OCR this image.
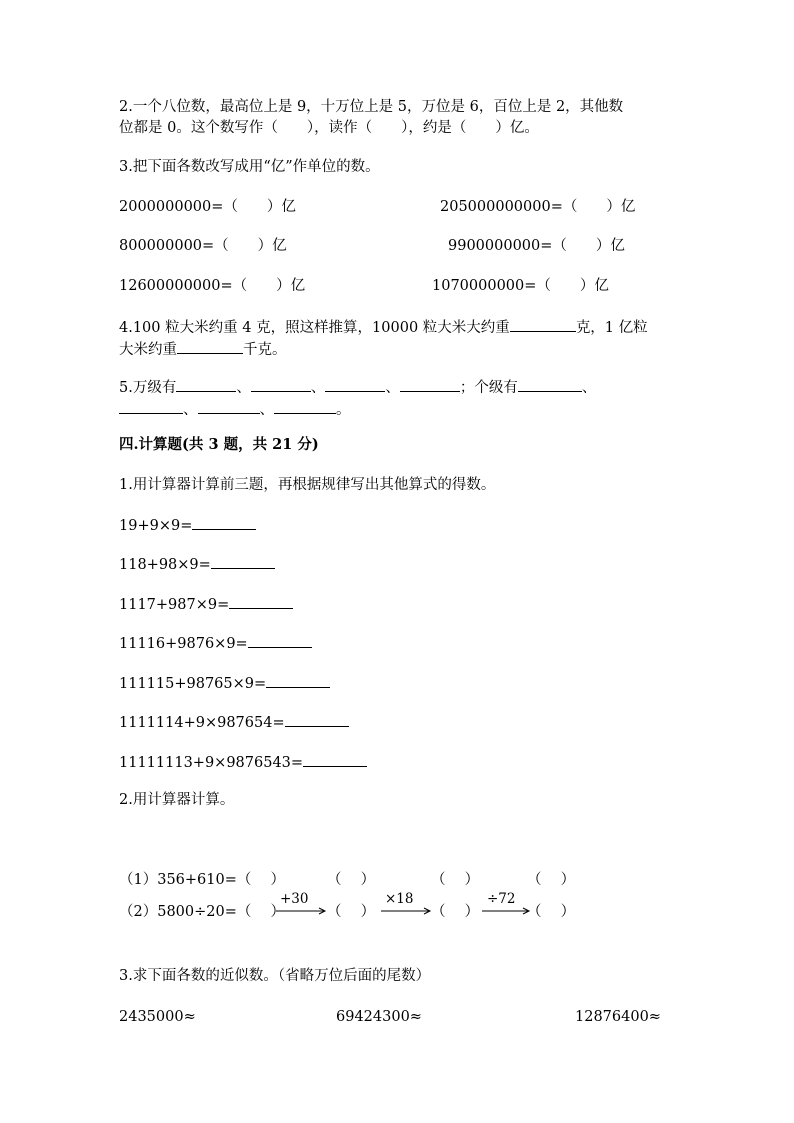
2.一个八位数，最高位上是 9，十万位上是 5，万位是 6，百位上是 2，其他数
位都是 0。这个数写作（　　），读作（　　），约是（　　）亿。
3.把下面各数改写成用“亿”作单位的数。
2000000000=（　　）亿	205000000000=（　　）亿
800000000=（　　）亿	9900000000=（　　）亿
12600000000=（　　）亿	1070000000=（　　）亿
4.100 粒大米约重 4 克，照这样推算，10000 粒大米大约重	克，1 亿粒
大米约重	千克。
5.万级有	、	、	、	；个级有	、
、	、	。
四.计算题(共 3 题，共 21 分)
1.用计算器计算前三题，再根据规律写出其他算式的得数。
19+9×9=
118+98×9=
1117+987×9=
11116+9876×9=
111115+98765×9=
1111114+9×987654=
11111113+9×9876543=
2.用计算器计算。
（1）356+610=（　 ）	（　 ）	（　 ）	（　 ）
（2）5800÷20=（　 ）	（　 ）	（　 ）	（　 ）
+30	×18	÷72
3.求下面各数的近似数。（省略万位后面的尾数）
2435000≈	69424300≈	12876400≈
